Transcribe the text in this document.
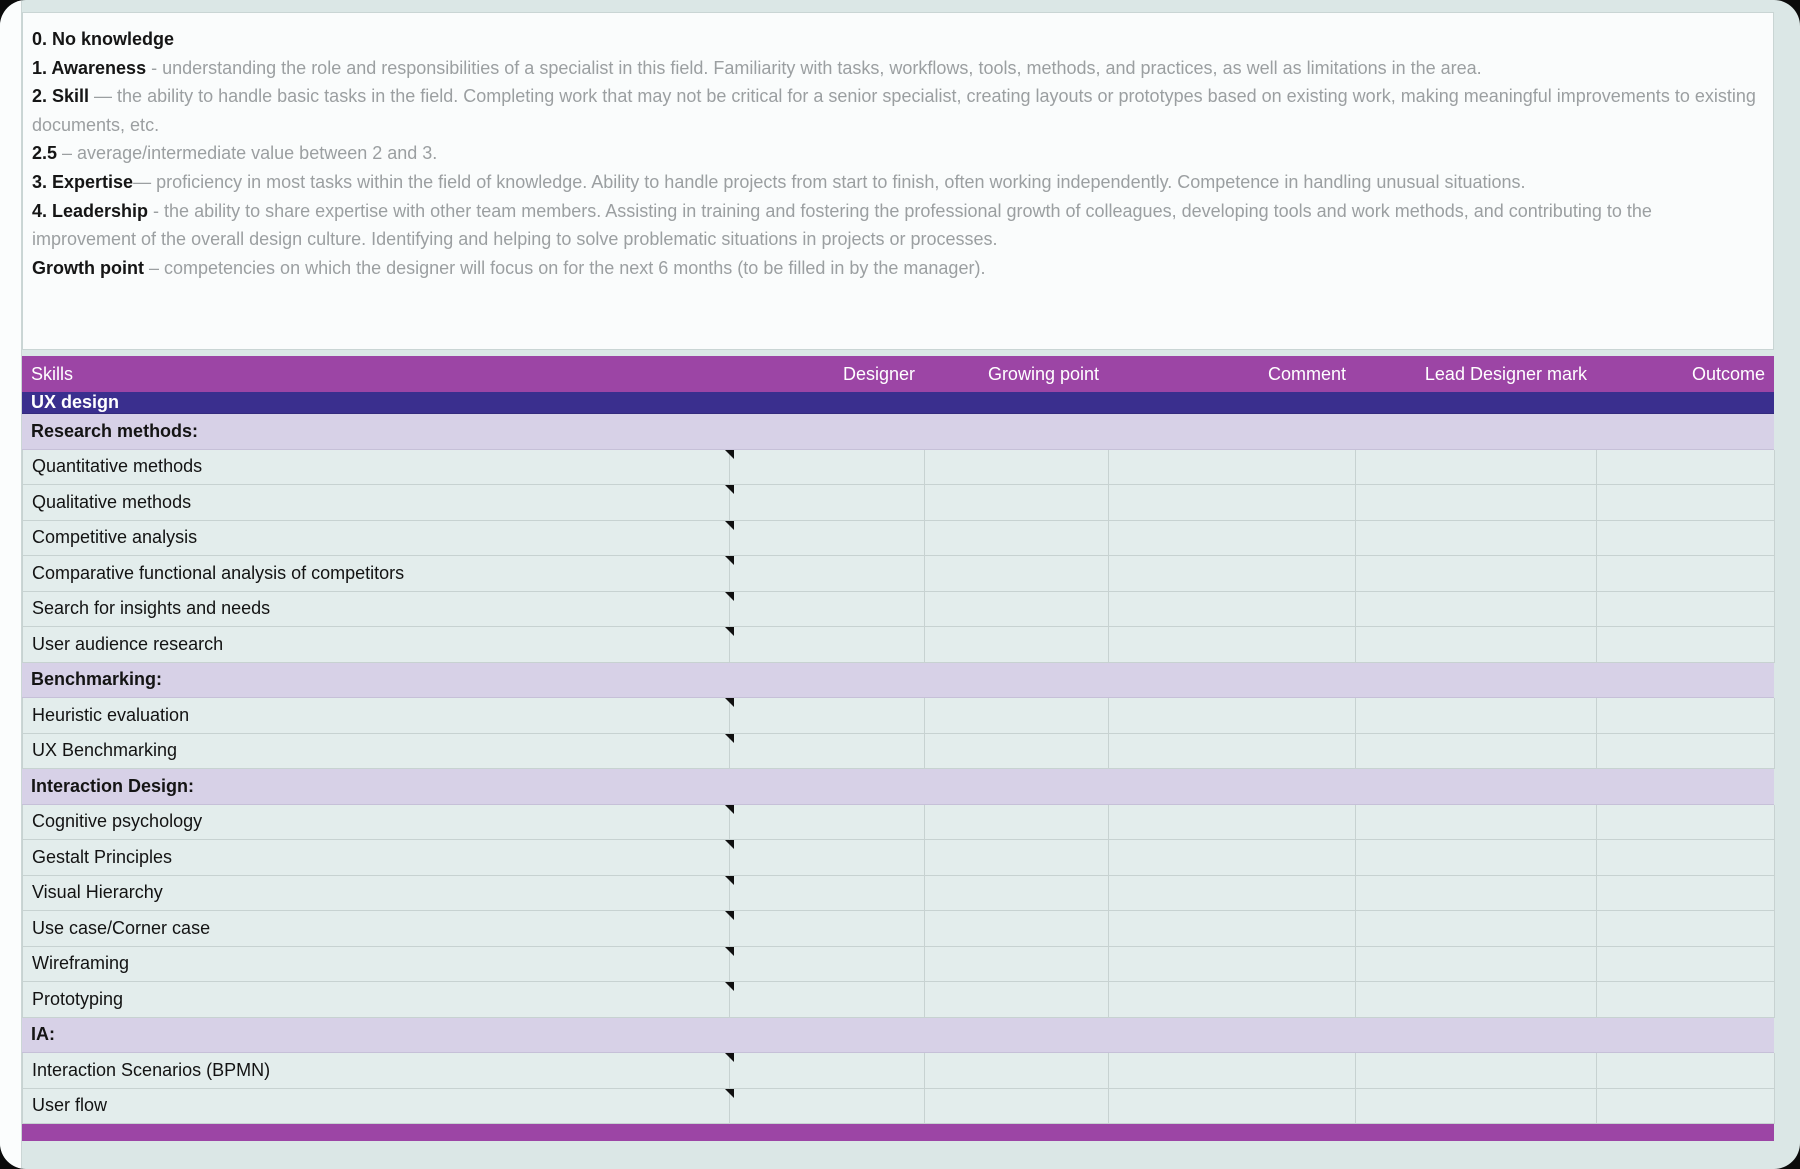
0. No knowledge
1. Awareness - understanding the role and responsibilities of a specialist in this field. Familiarity with tasks, workflows, tools, methods, and practices, as well as limitations in the area.
2. Skill — the ability to handle basic tasks in the field. Completing work that may not be critical for a senior specialist, creating layouts or prototypes based on existing work, making meaningful improvements to existing documents, etc.
2.5 – average/intermediate value between 2 and 3.
3. Expertise— proficiency in most tasks within the field of knowledge. Ability to handle projects from start to finish, often working independently. Competence in handling unusual situations.
4. Leadership - the ability to share expertise with other team members. Assisting in training and fostering the professional growth of colleagues, developing tools and work methods, and contributing to the improvement of the overall design culture. Identifying and helping to solve problematic situations in projects or processes.
Growth point – competencies on which the designer will focus on for the next 6 months (to be filled in by the manager).
Skills	Designer	Growing point	Comment	Lead Designer mark	Outcome
UX design
Research methods:
Quantitative methods
Qualitative methods
Competitive analysis
Comparative functional analysis of competitors
Search for insights and needs
User audience research
Benchmarking:
Heuristic evaluation
UX Benchmarking
Interaction Design:
Cognitive psychology
Gestalt Principles
Visual Hierarchy
Use case/Corner case
Wireframing
Prototyping
IA:
Interaction Scenarios (BPMN)
User flow
